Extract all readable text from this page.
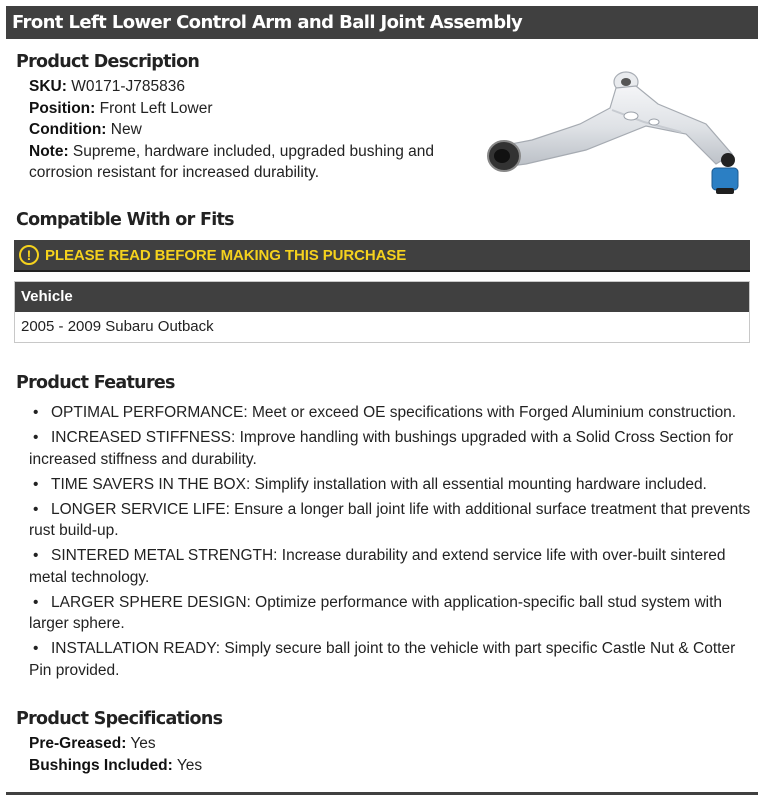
Front Left Lower Control Arm and Ball Joint Assembly
Product Description
SKU: W0171-J785836
Position: Front Left Lower
Condition: New
Note: Supreme, hardware included, upgraded bushing and corrosion resistant for increased durability.
Compatible With or Fits
! PLEASE READ BEFORE MAKING THIS PURCHASE
Vehicle
2005 - 2009 Subaru Outback
Product Features
• OPTIMAL PERFORMANCE: Meet or exceed OE specifications with Forged Aluminium construction.
• INCREASED STIFFNESS: Improve handling with bushings upgraded with a Solid Cross Section for increased stiffness and durability.
• TIME SAVERS IN THE BOX: Simplify installation with all essential mounting hardware included.
• LONGER SERVICE LIFE: Ensure a longer ball joint life with additional surface treatment that prevents rust build-up.
• SINTERED METAL STRENGTH: Increase durability and extend service life with over-built sintered metal technology.
• LARGER SPHERE DESIGN: Optimize performance with application-specific ball stud system with larger sphere.
• INSTALLATION READY: Simply secure ball joint to the vehicle with part specific Castle Nut & Cotter Pin provided.
Product Specifications
Pre-Greased: Yes
Bushings Included: Yes
